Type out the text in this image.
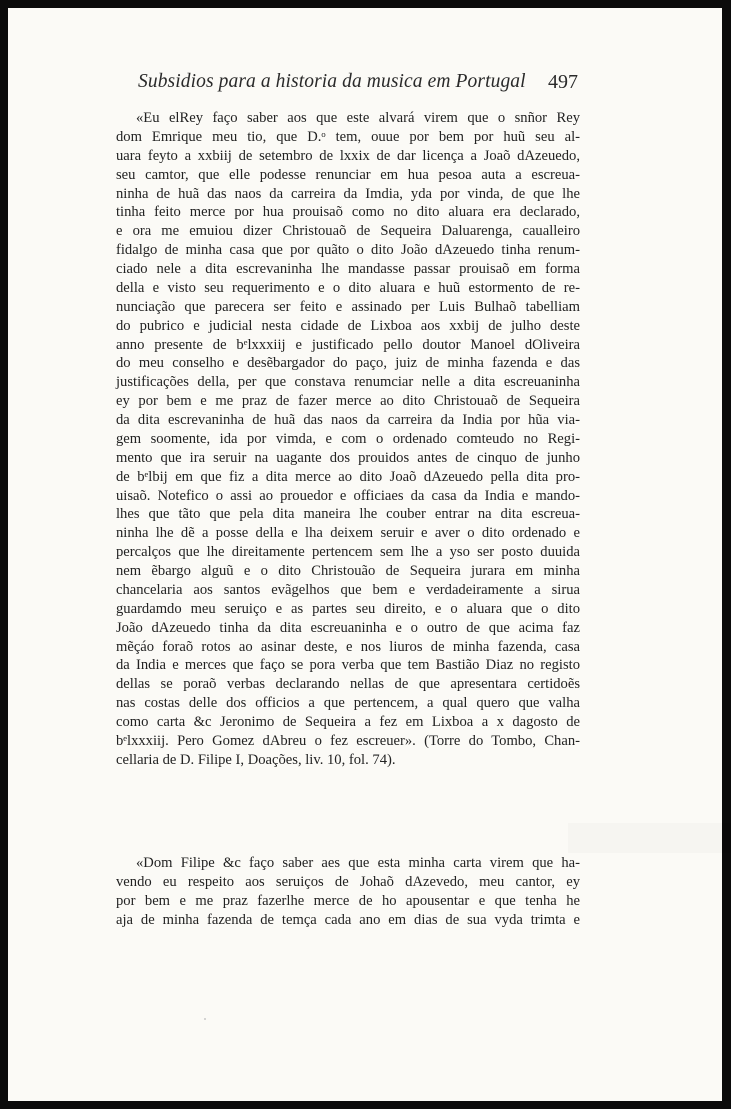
Subsidios para a historia da musica em Portugal	497
«Eu elRey faço saber aos que este alvará virem que o snñor Rey
dom Emrique meu tio, que D.ᵒ tem, ouue por bem por huũ seu al-
uara feyto a xxbiij de setembro de lxxix de dar licença a Joaõ dAzeuedo,
seu camtor, que elle podesse renunciar em hua pesoa auta a escreua-
ninha de huã das naos da carreira da Imdia, yda por vinda, de que lhe
tinha feito merce por hua prouisaõ como no dito aluara era declarado,
e ora me emuiou dizer Christouaõ de Sequeira Daluarenga, caualleiro
fidalgo de minha casa que por quãto o dito João dAzeuedo tinha renum-
ciado nele a dita escrevaninha lhe mandasse passar prouisaõ em forma
della e visto seu requerimento e o dito aluara e huũ estormento de re-
nunciação que parecera ser feito e assinado per Luis Bulhaõ tabelliam
do pubrico e judicial nesta cidade de Lixboa aos xxbij de julho deste
anno presente de bᵉlxxxiij e justificado pello doutor Manoel dOliveira
do meu conselho e desẽbargador do paço, juiz de minha fazenda e das
justificações della, per que constava renumciar nelle a dita escreuaninha
ey por bem e me praz de fazer merce ao dito Christouaõ de Sequeira
da dita escrevaninha de huã das naos da carreira da India por hũa via-
gem soomente, ida por vimda, e com o ordenado comteudo no Regi-
mento que ira seruir na uagante dos prouidos antes de cinquo de junho
de bᵉlbij em que fiz a dita merce ao dito Joaõ dAzeuedo pella dita pro-
uisaõ. Notefico o assi ao prouedor e officiaes da casa da India e mando-
lhes que tãto que pela dita maneira lhe couber entrar na dita escreua-
ninha lhe dẽ a posse della e lha deixem seruir e aver o dito ordenado e
percalços que lhe direitamente pertencem sem lhe a yso ser posto duuida
nem ẽbargo alguũ e o dito Christouão de Sequeira jurara em minha
chancelaria aos santos evãgelhos que bem e verdadeiramente a sirua
guardamdo meu seruiço e as partes seu direito, e o aluara que o dito
João dAzeuedo tinha da dita escreuaninha e o outro de que acima faz
mẽçáo foraõ rotos ao asinar deste, e nos liuros de minha fazenda, casa
da India e merces que faço se pora verba que tem Bastião Diaz no registo
dellas se poraõ verbas declarando nellas de que apresentara certidoẽs
nas costas delle dos officios a que pertencem, a qual quero que valha
como carta &c Jeronimo de Sequeira a fez em Lixboa a x dagosto de
bᵉlxxxiij. Pero Gomez dAbreu o fez escreuer». (Torre do Tombo, Chan-
cellaria de D. Filipe I, Doações, liv. 10, fol. 74).
«Dom Filipe &c faço saber aes que esta minha carta virem que ha-
vendo eu respeito aos seruiços de Johaõ dAzevedo, meu cantor, ey
por bem e me praz fazerlhe merce de ho apousentar e que tenha he
aja de minha fazenda de temça cada ano em dias de sua vyda trimta e
